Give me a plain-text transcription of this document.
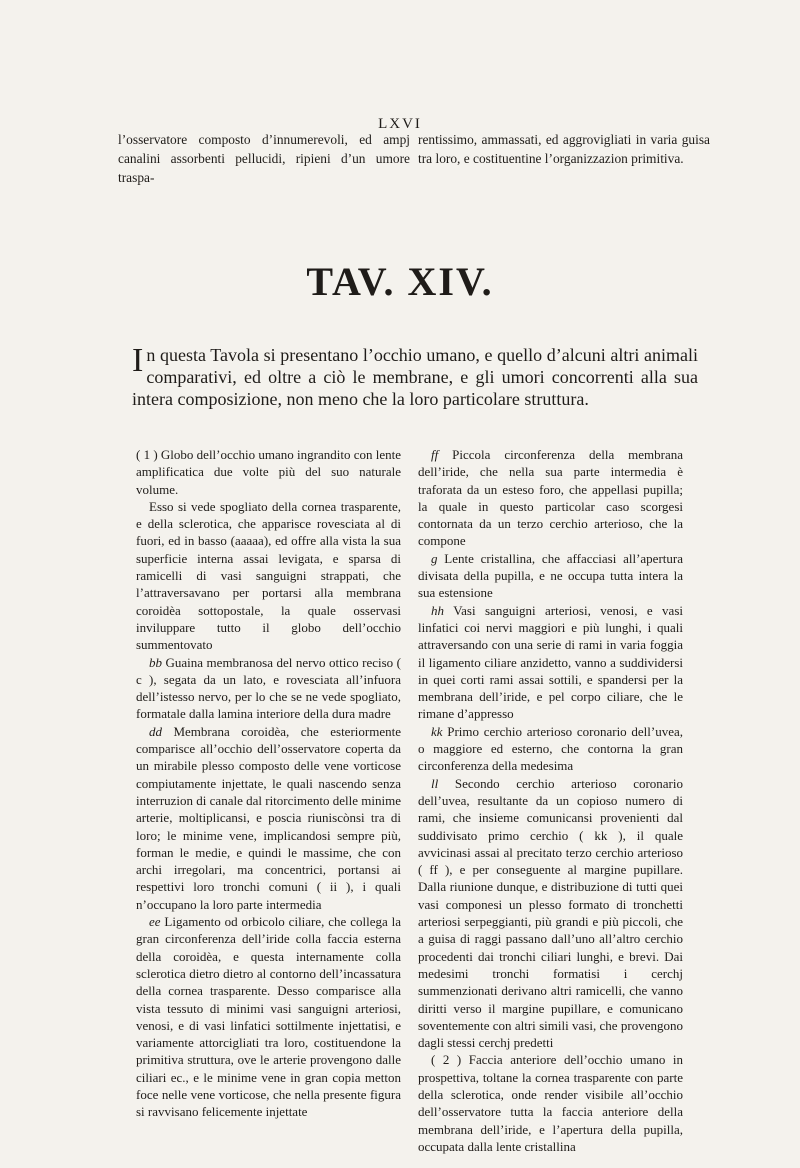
LXVI

l’osservatore composto d’innumerevoli, ed ampj canalini assorbenti pellucidi, ripieni d’un umore traspa-

rentissimo, ammassati, ed aggrovigliati in varia guisa tra loro, e costituentine l’organizzazion primitiva.

TAV. XIV.

In questa Tavola si presentano l’occhio umano, e quello d’alcuni altri animali comparativi, ed oltre a ciò le membrane, e gli umori concorrenti alla sua intera composizione, non meno che la loro particolare struttura.

( 1 ) Globo dell’occhio umano ingrandito con lente amplificatica due volte più del suo naturale volume.

Esso si vede spogliato della cornea trasparente, e della sclerotica, che apparisce rovesciata al di fuori, ed in basso (aaaaa), ed offre alla vista la sua superficie interna assai levigata, e sparsa di ramicelli di vasi sanguigni strappati, che l’attraversavano per portarsi alla membrana coroidèa sottopostale, la quale osservasi inviluppare tutto il globo dell’occhio summentovato

bb Guaina membranosa del nervo ottico reciso ( c ), segata da un lato, e rovesciata all’infuora dell’istesso nervo, per lo che se ne vede spogliato, formatale dalla lamina interiore della dura madre

dd Membrana coroidèa, che esteriormente comparisce all’occhio dell’osservatore coperta da un mirabile plesso composto delle vene vorticose compiutamente injettate, le quali nascendo senza interruzion di canale dal ritorcimento delle minime arterie, moltiplicansi, e poscia riuniscònsi tra di loro; le minime vene, implicandosi sempre più, forman le medie, e quindi le massime, che con archi irregolari, ma concentrici, portansi ai respettivi loro tronchi comuni ( ii ), i quali n’occupano la loro parte intermedia

ee Ligamento od orbicolo ciliare, che collega la gran circonferenza dell’iride colla faccia esterna della coroidèa, e questa internamente colla sclerotica dietro dietro al contorno dell’incassatura della cornea trasparente. Desso comparisce alla vista tessuto di minimi vasi sanguigni arteriosi, venosi, e di vasi linfatici sottilmente injettatisi, e variamente attorcigliati tra loro, costituendone la primitiva struttura, ove le arterie provengono dalle ciliari ec., e le minime vene in gran copia metton foce nelle vene vorticose, che nella presente figura si ravvisano felicemente injettate

ff Piccola circonferenza della membrana dell’iride, che nella sua parte intermedia è traforata da un esteso foro, che appellasi pupilla; la quale in questo particolar caso scorgesi contornata da un terzo cerchio arterioso, che la compone

g Lente cristallina, che affacciasi all’apertura divisata della pupilla, e ne occupa tutta intera la sua estensione

hh Vasi sanguigni arteriosi, venosi, e vasi linfatici coi nervi maggiori e più lunghi, i quali attraversando con una serie di rami in varia foggia il ligamento ciliare anzidetto, vanno a suddividersi in quei corti rami assai sottili, e spandersi per la membrana dell’iride, e pel corpo ciliare, che le rimane d’appresso

kk Primo cerchio arterioso coronario dell’uvea, o maggiore ed esterno, che contorna la gran circonferenza della medesima

ll Secondo cerchio arterioso coronario dell’uvea, resultante da un copioso numero di rami, che insieme comunicansi provenienti dal suddivisato primo cerchio ( kk ), il quale avvicinasi assai al precitato terzo cerchio arterioso ( ff ), e per conseguente al margine pupillare. Dalla riunione dunque, e distribuzione di tutti quei vasi componesi un plesso formato di tronchetti arteriosi serpeggianti, più grandi e più piccoli, che a guisa di raggi passano dall’uno all’altro cerchio procedenti dai tronchi ciliari lunghi, e brevi. Dai medesimi tronchi formatisi i cerchj summenzionati derivano altri ramicelli, che vanno diritti verso il margine pupillare, e comunicano soventemente con altri simili vasi, che provengono dagli stessi cerchj predetti

( 2 ) Faccia anteriore dell’occhio umano in prospettiva, toltane la cornea trasparente con parte della sclerotica, onde render visibile all’occhio dell’osservatore tutta la faccia anteriore della membrana dell’iride, e l’apertura della pupilla, occupata dalla lente cristallina
